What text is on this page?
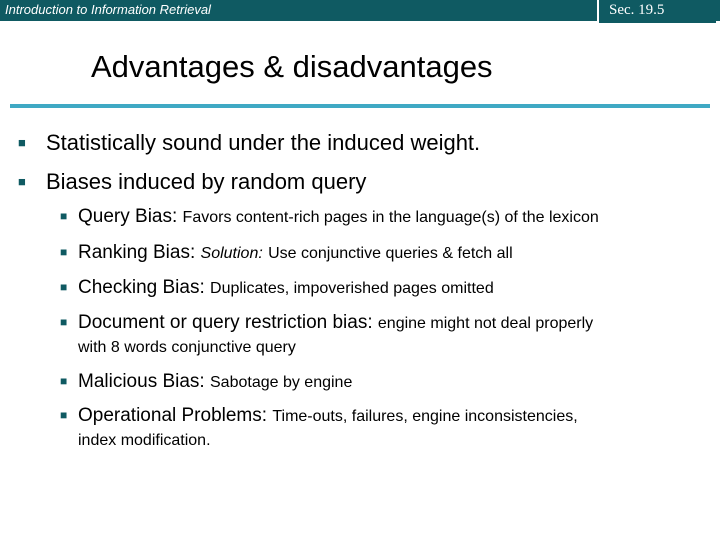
Introduction to Information Retrieval	Sec. 19.5
Advantages & disadvantages
■ Statistically sound under the induced weight.
■ Biases induced by random query
■ Query Bias: Favors content-rich pages in the language(s) of the lexicon
■ Ranking Bias: Solution: Use conjunctive queries & fetch all
■ Checking Bias: Duplicates, impoverished pages omitted
■ Document or query restriction bias: engine might not deal properly
with 8 words conjunctive query
■ Malicious Bias: Sabotage by engine
■ Operational Problems: Time-outs, failures, engine inconsistencies,
index modification.
